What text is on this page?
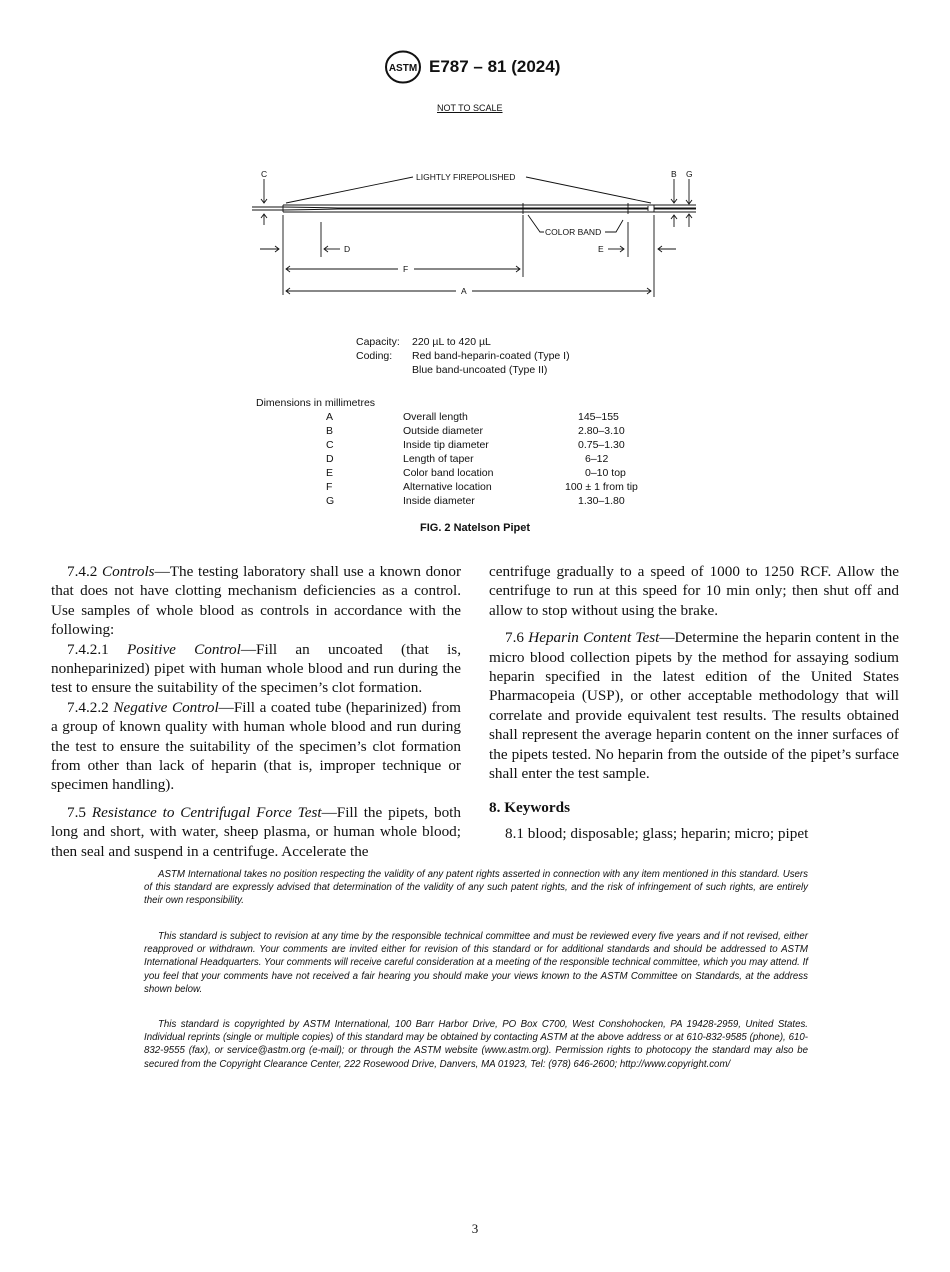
ASTM E787 – 81 (2024)
NOT TO SCALE
LIGHTLY FIREPOLISHED
COLOR BAND
C	B G
D	E
F
A
Capacity: 220 µL to 420 µL
Coding: Red band-heparin-coated (Type I)
Blue band-uncoated (Type II)
Dimensions in millimetres
A	Overall length	145–155
B	Outside diameter	2.80–3.10
C	Inside tip diameter	0.75–1.30
D	Length of taper	6–12
E	Color band location	0–10 top
F	Alternative location	100 ± 1 from tip
G	Inside diameter	1.30–1.80
FIG. 2 Natelson Pipet

7.4.2 Controls—The testing laboratory shall use a known donor that does not have clotting mechanism deficiencies as a control. Use samples of whole blood as controls in accordance with the following:

7.4.2.1 Positive Control—Fill an uncoated (that is, nonheparinized) pipet with human whole blood and run during the test to ensure the suitability of the specimen’s clot formation.

7.4.2.2 Negative Control—Fill a coated tube (heparinized) from a group of known quality with human whole blood and run during the test to ensure the suitability of the specimen’s clot formation from other than lack of heparin (that is, improper technique or specimen handling).

7.5 Resistance to Centrifugal Force Test—Fill the pipets, both long and short, with water, sheep plasma, or human whole blood; then seal and suspend in a centrifuge. Accelerate the

centrifuge gradually to a speed of 1000 to 1250 RCF. Allow the centrifuge to run at this speed for 10 min only; then shut off and allow to stop without using the brake.

7.6 Heparin Content Test—Determine the heparin content in the micro blood collection pipets by the method for assaying sodium heparin specified in the latest edition of the United States Pharmacopeia (USP), or other acceptable methodology that will correlate and provide equivalent test results. The results obtained shall represent the average heparin content on the inner surfaces of the pipets tested. No heparin from the outside of the pipet’s surface shall enter the test sample.

8. Keywords

8.1 blood; disposable; glass; heparin; micro; pipet

ASTM International takes no position respecting the validity of any patent rights asserted in connection with any item mentioned in this standard. Users of this standard are expressly advised that determination of the validity of any such patent rights, and the risk of infringement of such rights, are entirely their own responsibility.

This standard is subject to revision at any time by the responsible technical committee and must be reviewed every five years and if not revised, either reapproved or withdrawn. Your comments are invited either for revision of this standard or for additional standards and should be addressed to ASTM International Headquarters. Your comments will receive careful consideration at a meeting of the responsible technical committee, which you may attend. If you feel that your comments have not received a fair hearing you should make your views known to the ASTM Committee on Standards, at the address shown below.

This standard is copyrighted by ASTM International, 100 Barr Harbor Drive, PO Box C700, West Conshohocken, PA 19428-2959, United States. Individual reprints (single or multiple copies) of this standard may be obtained by contacting ASTM at the above address or at 610-832-9585 (phone), 610-832-9555 (fax), or service@astm.org (e-mail); or through the ASTM website (www.astm.org). Permission rights to photocopy the standard may also be secured from the Copyright Clearance Center, 222 Rosewood Drive, Danvers, MA 01923, Tel: (978) 646-2600; http://www.copyright.com/

3
